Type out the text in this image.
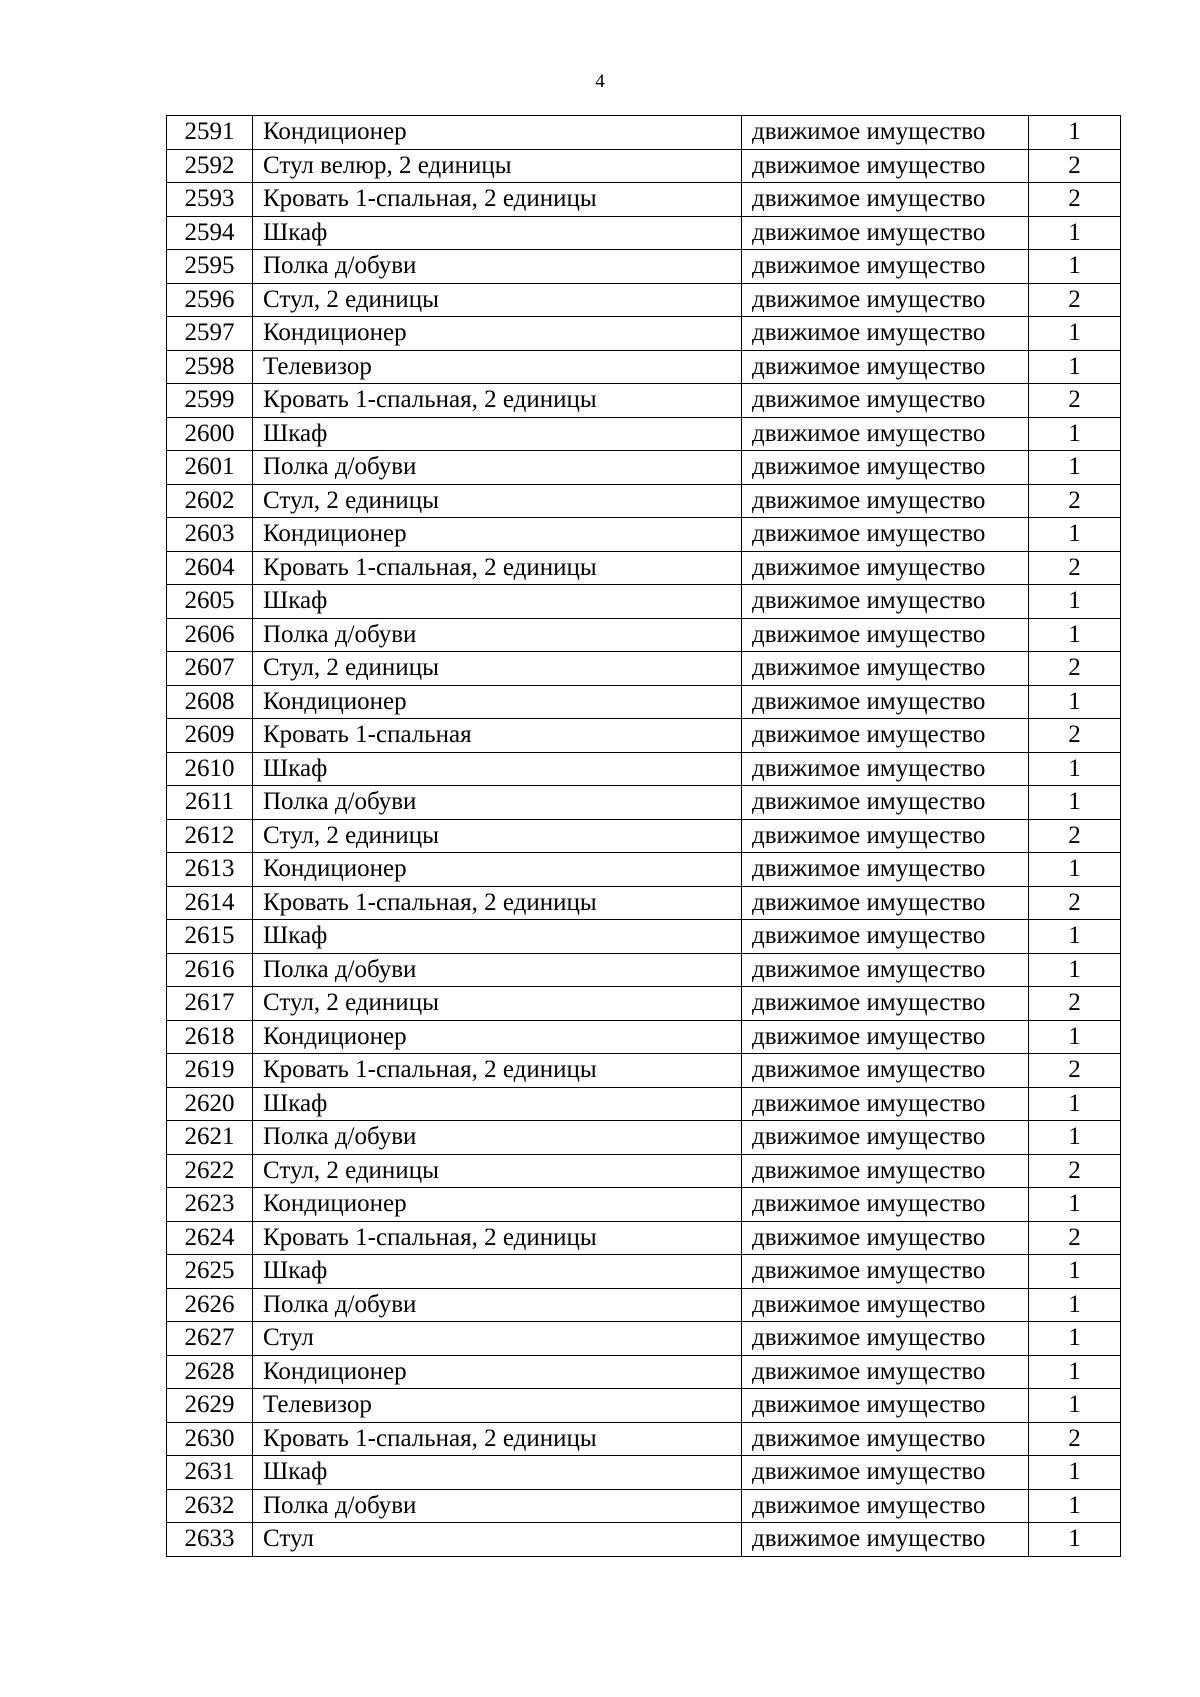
4
2591	Кондиционер	движимое имущество	1
2592	Стул велюр, 2 единицы	движимое имущество	2
2593	Кровать 1-спальная, 2 единицы	движимое имущество	2
2594	Шкаф	движимое имущество	1
2595	Полка д/обуви	движимое имущество	1
2596	Стул, 2 единицы	движимое имущество	2
2597	Кондиционер	движимое имущество	1
2598	Телевизор	движимое имущество	1
2599	Кровать 1-спальная, 2 единицы	движимое имущество	2
2600	Шкаф	движимое имущество	1
2601	Полка д/обуви	движимое имущество	1
2602	Стул, 2 единицы	движимое имущество	2
2603	Кондиционер	движимое имущество	1
2604	Кровать 1-спальная, 2 единицы	движимое имущество	2
2605	Шкаф	движимое имущество	1
2606	Полка д/обуви	движимое имущество	1
2607	Стул, 2 единицы	движимое имущество	2
2608	Кондиционер	движимое имущество	1
2609	Кровать 1-спальная	движимое имущество	2
2610	Шкаф	движимое имущество	1
2611	Полка д/обуви	движимое имущество	1
2612	Стул, 2 единицы	движимое имущество	2
2613	Кондиционер	движимое имущество	1
2614	Кровать 1-спальная, 2 единицы	движимое имущество	2
2615	Шкаф	движимое имущество	1
2616	Полка д/обуви	движимое имущество	1
2617	Стул, 2 единицы	движимое имущество	2
2618	Кондиционер	движимое имущество	1
2619	Кровать 1-спальная, 2 единицы	движимое имущество	2
2620	Шкаф	движимое имущество	1
2621	Полка д/обуви	движимое имущество	1
2622	Стул, 2 единицы	движимое имущество	2
2623	Кондиционер	движимое имущество	1
2624	Кровать 1-спальная, 2 единицы	движимое имущество	2
2625	Шкаф	движимое имущество	1
2626	Полка д/обуви	движимое имущество	1
2627	Стул	движимое имущество	1
2628	Кондиционер	движимое имущество	1
2629	Телевизор	движимое имущество	1
2630	Кровать 1-спальная, 2 единицы	движимое имущество	2
2631	Шкаф	движимое имущество	1
2632	Полка д/обуви	движимое имущество	1
2633	Стул	движимое имущество	1
